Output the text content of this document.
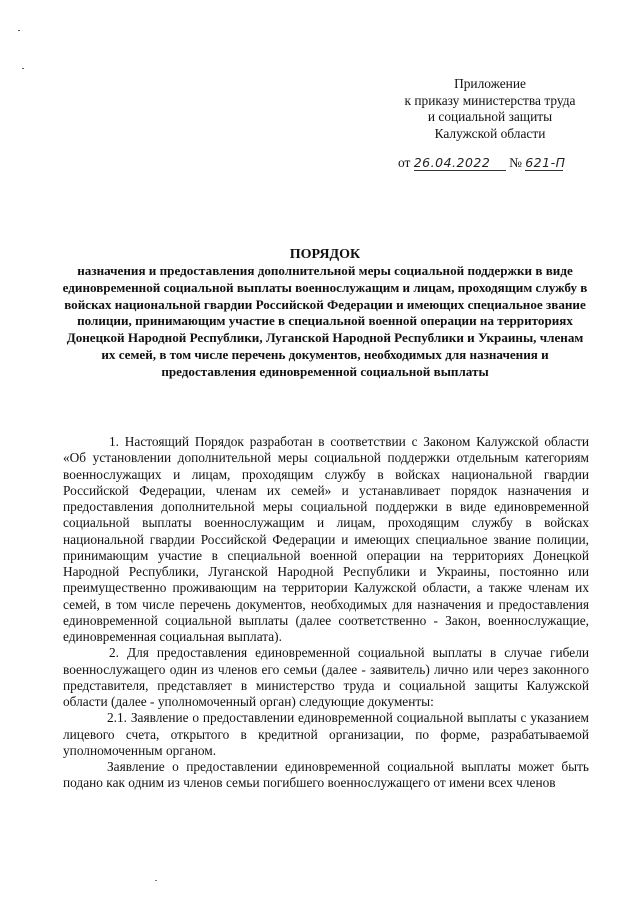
Приложение
к приказу министерства труда
и социальной защиты
Калужской области
от 26.04.2022 № 621-П
ПОРЯДОК
назначения и предоставления дополнительной меры социальной поддержки в виде единовременной социальной выплаты военнослужащим и лицам, проходящим службу в войсках национальной гвардии Российской Федерации и имеющих специальное звание полиции, принимающим участие в специальной военной операции на территориях Донецкой Народной Республики, Луганской Народной Республики и Украины, членам их семей, в том числе перечень документов, необходимых для назначения и предоставления единовременной социальной выплаты

1. Настоящий Порядок разработан в соответствии с Законом Калужской области «Об установлении дополнительной меры социальной поддержки отдельным категориям военнослужащих и лицам, проходящим службу в войсках национальной гвардии Российской Федерации, членам их семей» и устанавливает порядок назначения и предоставления дополнительной меры социальной поддержки в виде единовременной социальной выплаты военнослужащим и лицам, проходящим службу в войсках национальной гвардии Российской Федерации и имеющих специальное звание полиции, принимающим участие в специальной военной операции на территориях Донецкой Народной Республики, Луганской Народной Республики и Украины, постоянно или преимущественно проживающим на территории Калужской области, а также членам их семей, в том числе перечень документов, необходимых для назначения и предоставления единовременной социальной выплаты (далее соответственно - Закон, военнослужащие, единовременная социальная выплата).

2. Для предоставления единовременной социальной выплаты в случае гибели военнослужащего один из членов его семьи (далее - заявитель) лично или через законного представителя, представляет в министерство труда и социальной защиты Калужской области (далее - уполномоченный орган) следующие документы:

2.1. Заявление о предоставлении единовременной социальной выплаты с указанием лицевого счета, открытого в кредитной организации, по форме, разрабатываемой уполномоченным органом.

Заявление о предоставлении единовременной социальной выплаты может быть подано как одним из членов семьи погибшего военнослужащего от имени всех членов
